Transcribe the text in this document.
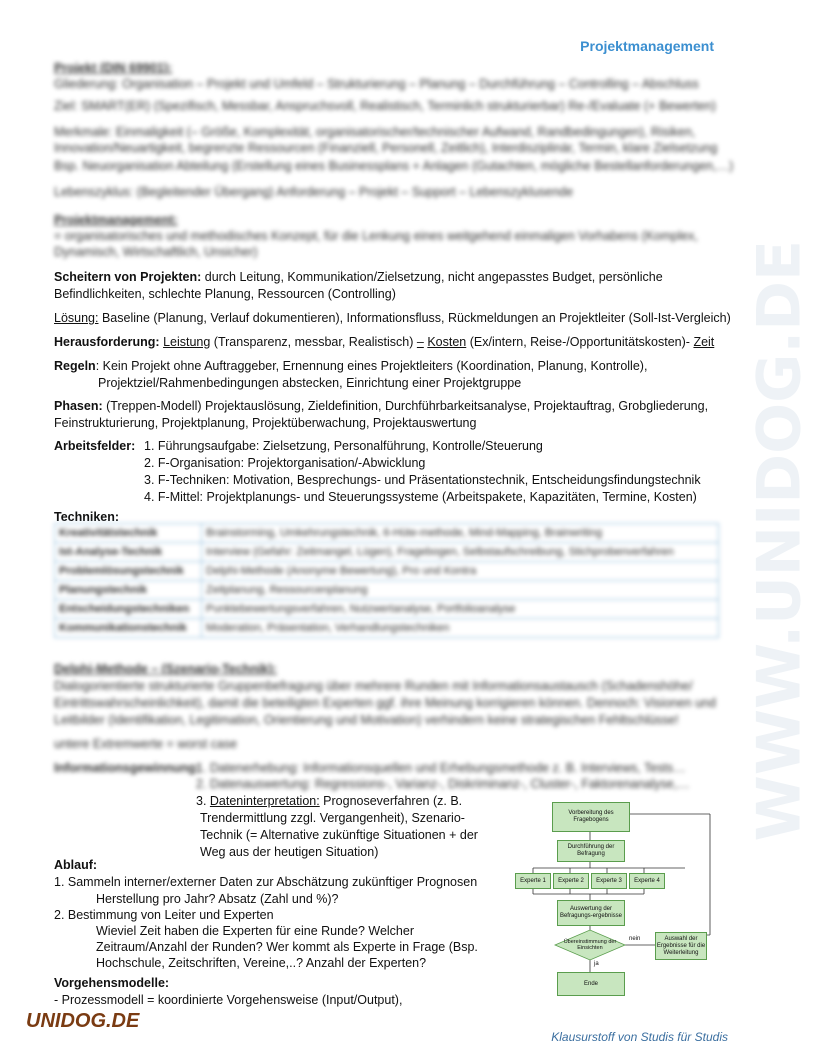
Projektmanagement
WWW.UNIDOG.DE
Projekt (DIN 69901):
Gliederung: Organisation – Projekt und Umfeld – Strukturierung – Planung – Durchführung – Controlling – Abschluss
Ziel: SMART(ER) (Spezifisch, Messbar, Anspruchsvoll, Realistisch, Terminlich strukturierbar) Re-/Evaluate (+ Bewerten)
Merkmale: Einmaligkeit (– Größe, Komplexität, organisatorischer/technischer Aufwand, Randbedingungen), Risiken,
Innovation/Neuartigkeit, begrenzte Ressourcen (Finanziell, Personell, Zeitlich), Interdisziplinär, Termin, klare Zielsetzung
Bsp. Neuorganisation Abteilung (Erstellung eines Businessplans + Anlagen (Gutachten, mögliche Bestellanforderungen,…)
Lebenszyklus: (Begleitender Übergang) Anforderung – Projekt – Support – Lebenszyklusende
Projektmanagement:
= organisatorisches und methodisches Konzept, für die Lenkung eines weitgehend einmaligen Vorhabens (Komplex,
Dynamisch, Wirtschaftlich, Unsicher)
Scheitern von Projekten: durch Leitung, Kommunikation/Zielsetzung, nicht angepasstes Budget, persönliche
Befindlichkeiten, schlechte Planung, Ressourcen (Controlling)
Lösung: Baseline (Planung, Verlauf dokumentieren), Informationsfluss, Rückmeldungen an Projektleiter (Soll-Ist-Vergleich)
Herausforderung: Leistung (Transparenz, messbar, Realistisch) – Kosten (Ex/intern, Reise-/Opportunitätskosten)- Zeit
Regeln: Kein Projekt ohne Auftraggeber, Ernennung eines Projektleiters (Koordination, Planung, Kontrolle),
Projektziel/Rahmenbedingungen abstecken, Einrichtung einer Projektgruppe
Phasen: (Treppen-Modell) Projektauslösung, Zieldefinition, Durchführbarkeitsanalyse, Projektauftrag, Grobgliederung,
Feinstrukturierung, Projektplanung, Projektüberwachung, Projektauswertung
Arbeitsfelder: 1. Führungsaufgabe: Zielsetzung, Personalführung, Kontrolle/Steuerung
2. F-Organisation: Projektorganisation/-Abwicklung
3. F-Techniken: Motivation, Besprechungs- und Präsentationstechnik, Entscheidungsfindungstechnik
4. F-Mittel: Projektplanungs- und Steuerungssysteme (Arbeitspakete, Kapazitäten, Termine, Kosten)
Techniken:
Kreativitätstechnik	Brainstorming, Umkehrungstechnik, 6-Hüte-methode, Mind-Mapping, Brainwriting
Ist-Analyse-Technik	Interview (Gefahr: Zeitmangel, Lügen), Fragebogen, Selbstaufschreibung, Stichprobenverfahren
Problemlösungstechnik	Delphi-Methode (Anonyme Bewertung), Pro und Kontra
Planungstechnik	Zeitplanung, Ressourcenplanung
Entscheidungstechniken	Punktebewertungsverfahren, Nutzwertanalyse, Portfolioanalyse
Kommunikationstechnik	Moderation, Präsentation, Verhandlungstechniken
Delphi-Methode – (Szenario-Technik):
Dialogorientierte strukturierte Gruppenbefragung über mehrere Runden mit Informationsaustausch (Schadenshöhe/
Eintrittswahrscheinlichkeit), damit die beteiligten Experten ggf. ihre Meinung korrigieren können. Dennoch: Visionen und
Leitbilder (Identifikation, Legitimation, Orientierung und Motivation) verhindern keine strategischen Fehltschlüsse!
untere Extremwerte = worst case
Informationsgewinnung:
1. Datenerhebung: Informationsquellen und Erhebungsmethode z. B. Interviews, Tests…
2. Datenauswertung: Regressions-, Varianz-, Diskriminanz-, Cluster-, Faktorenanalyse,…
3. Dateninterpretation: Prognoseverfahren (z. B.
Trendermittlung zzgl. Vergangenheit), Szenario-
Technik (= Alternative zukünftige Situationen + der
Weg aus der heutigen Situation)
Ablauf:
1. Sammeln interner/externer Daten zur Abschätzung zukünftiger Prognosen
Herstellung pro Jahr? Absatz (Zahl und %)?
2. Bestimmung von Leiter und Experten
Wieviel Zeit haben die Experten für eine Runde? Welcher
Zeitraum/Anzahl der Runden? Wer kommt als Experte in Frage (Bsp.
Hochschule, Zeitschriften, Vereine,..? Anzahl der Experten?
Vorgehensmodelle:
- Prozessmodell = koordinierte Vorgehensweise (Input/Output),
Vorbereitung des Fragebogens
Durchführung der Befragung
Experte 1	Experte 2	Experte 3	Experte 4
Auswertung der Befragungs-ergebnisse
Übereinstimmung der Einsichten
nein
ja
Auswahl der Ergebnisse für die Weiterleitung
Ende
UNIDOG.DE
Klausurstoff von Studis für Studis
